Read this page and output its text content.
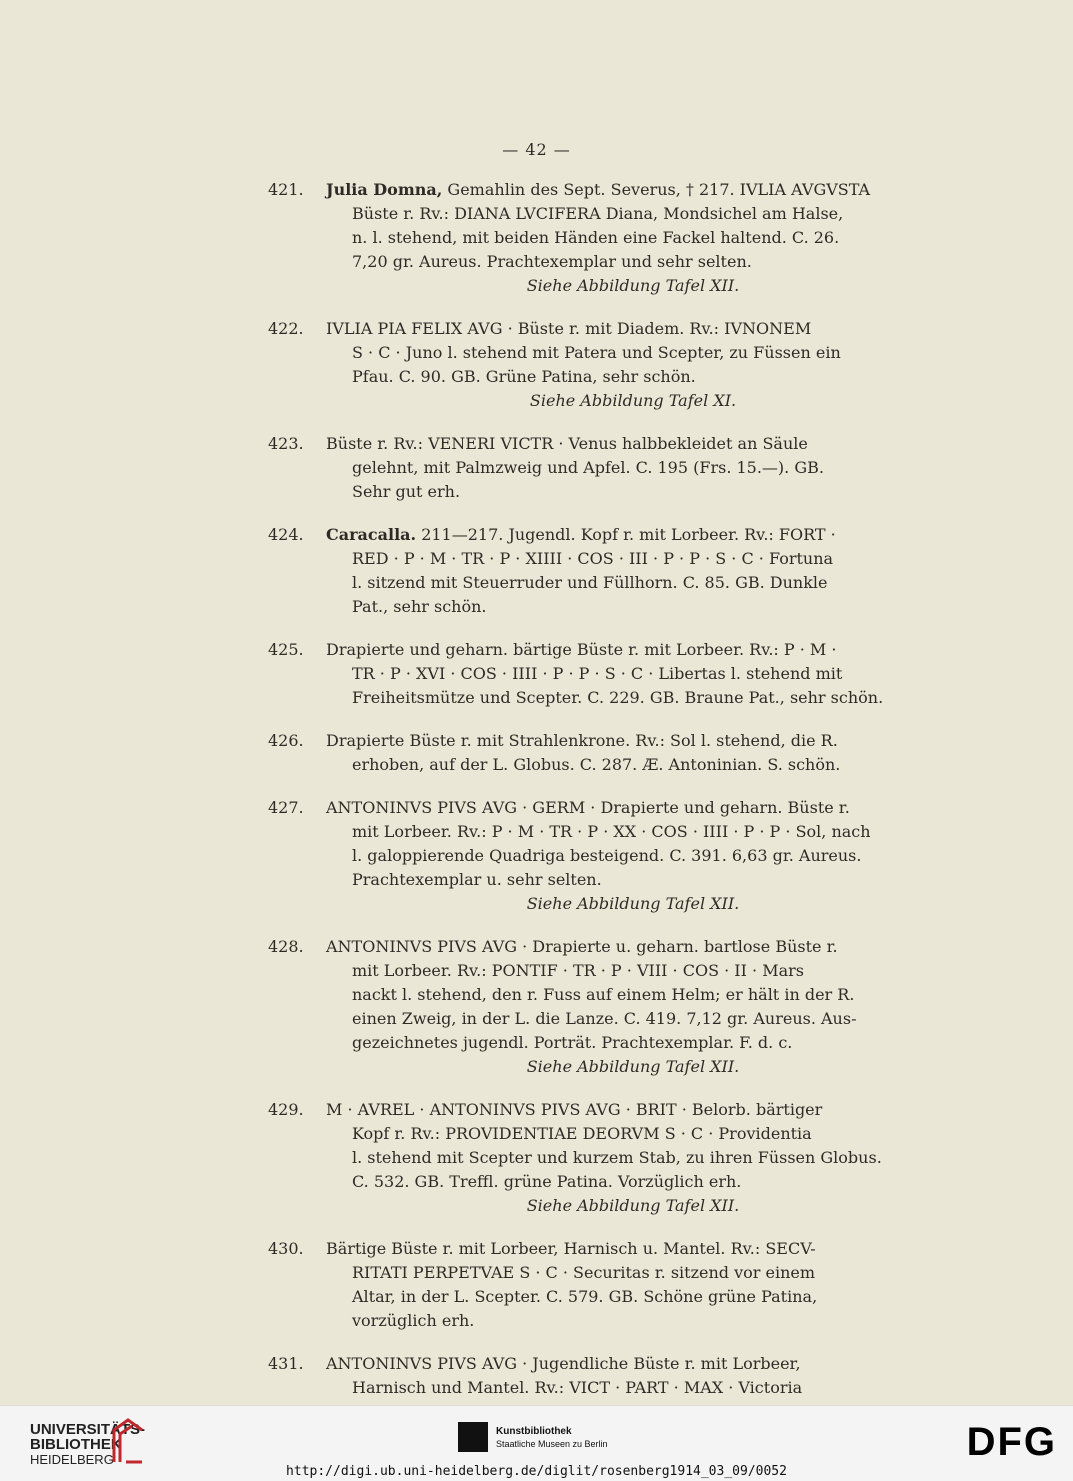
— 42 —
421. Julia Domna, Gemahlin des Sept. Severus, † 217. IVLIA AVGVSTA
Büste r. Rv.: DIANA LVCIFERA Diana, Mondsichel am Halse,
n. l. stehend, mit beiden Händen eine Fackel haltend. C. 26.
7,20 gr. Aureus. Prachtexemplar und sehr selten.
Siehe Abbildung Tafel XII.
422. IVLIA PIA FELIX AVG · Büste r. mit Diadem. Rv.: IVNONEM
S · C · Juno l. stehend mit Patera und Scepter, zu Füssen ein
Pfau. C. 90. GB. Grüne Patina, sehr schön.
Siehe Abbildung Tafel XI.
423. Büste r. Rv.: VENERI VICTR · Venus halbbekleidet an Säule
gelehnt, mit Palmzweig und Apfel. C. 195 (Frs. 15.—). GB.
Sehr gut erh.
424. Caracalla. 211—217. Jugendl. Kopf r. mit Lorbeer. Rv.: FORT ·
RED · P · M · TR · P · XIIII · COS · III · P · P · S · C · Fortuna
l. sitzend mit Steuerruder und Füllhorn. C. 85. GB. Dunkle
Pat., sehr schön.
425. Drapierte und geharn. bärtige Büste r. mit Lorbeer. Rv.: P · M ·
TR · P · XVI · COS · IIII · P · P · S · C · Libertas l. stehend mit
Freiheitsmütze und Scepter. C. 229. GB. Braune Pat., sehr schön.
426. Drapierte Büste r. mit Strahlenkrone. Rv.: Sol l. stehend, die R.
erhoben, auf der L. Globus. C. 287. Æ. Antoninian. S. schön.
427. ANTONINVS PIVS AVG · GERM · Drapierte und geharn. Büste r.
mit Lorbeer. Rv.: P · M · TR · P · XX · COS · IIII · P · P · Sol, nach
l. galoppierende Quadriga besteigend. C. 391. 6,63 gr. Aureus.
Prachtexemplar u. sehr selten.
Siehe Abbildung Tafel XII.
428. ANTONINVS PIVS AVG · Drapierte u. geharn. bartlose Büste r.
mit Lorbeer. Rv.: PONTIF · TR · P · VIII · COS · II · Mars
nackt l. stehend, den r. Fuss auf einem Helm; er hält in der R.
einen Zweig, in der L. die Lanze. C. 419. 7,12 gr. Aureus. Aus-
gezeichnetes jugendl. Porträt. Prachtexemplar. F. d. c.
Siehe Abbildung Tafel XII.
429. M · AVREL · ANTONINVS PIVS AVG · BRIT · Belorb. bärtiger
Kopf r. Rv.: PROVIDENTIAE DEORVM S · C · Providentia
l. stehend mit Scepter und kurzem Stab, zu ihren Füssen Globus.
C. 532. GB. Treffl. grüne Patina. Vorzüglich erh.
Siehe Abbildung Tafel XII.
430. Bärtige Büste r. mit Lorbeer, Harnisch u. Mantel. Rv.: SECV-
RITATI PERPETVAE S · C · Securitas r. sitzend vor einem
Altar, in der L. Scepter. C. 579. GB. Schöne grüne Patina,
vorzüglich erh.
431. ANTONINVS PIVS AVG · Jugendliche Büste r. mit Lorbeer,
Harnisch und Mantel. Rv.: VICT · PART · MAX · Victoria
UNIVERSITÄTS-
BIBLIOTHEK
HEIDELBERG
Kunstbibliothek
Staatliche Museen zu Berlin	DFG
http://digi.ub.uni-heidelberg.de/diglit/rosenberg1914_03_09/0052
